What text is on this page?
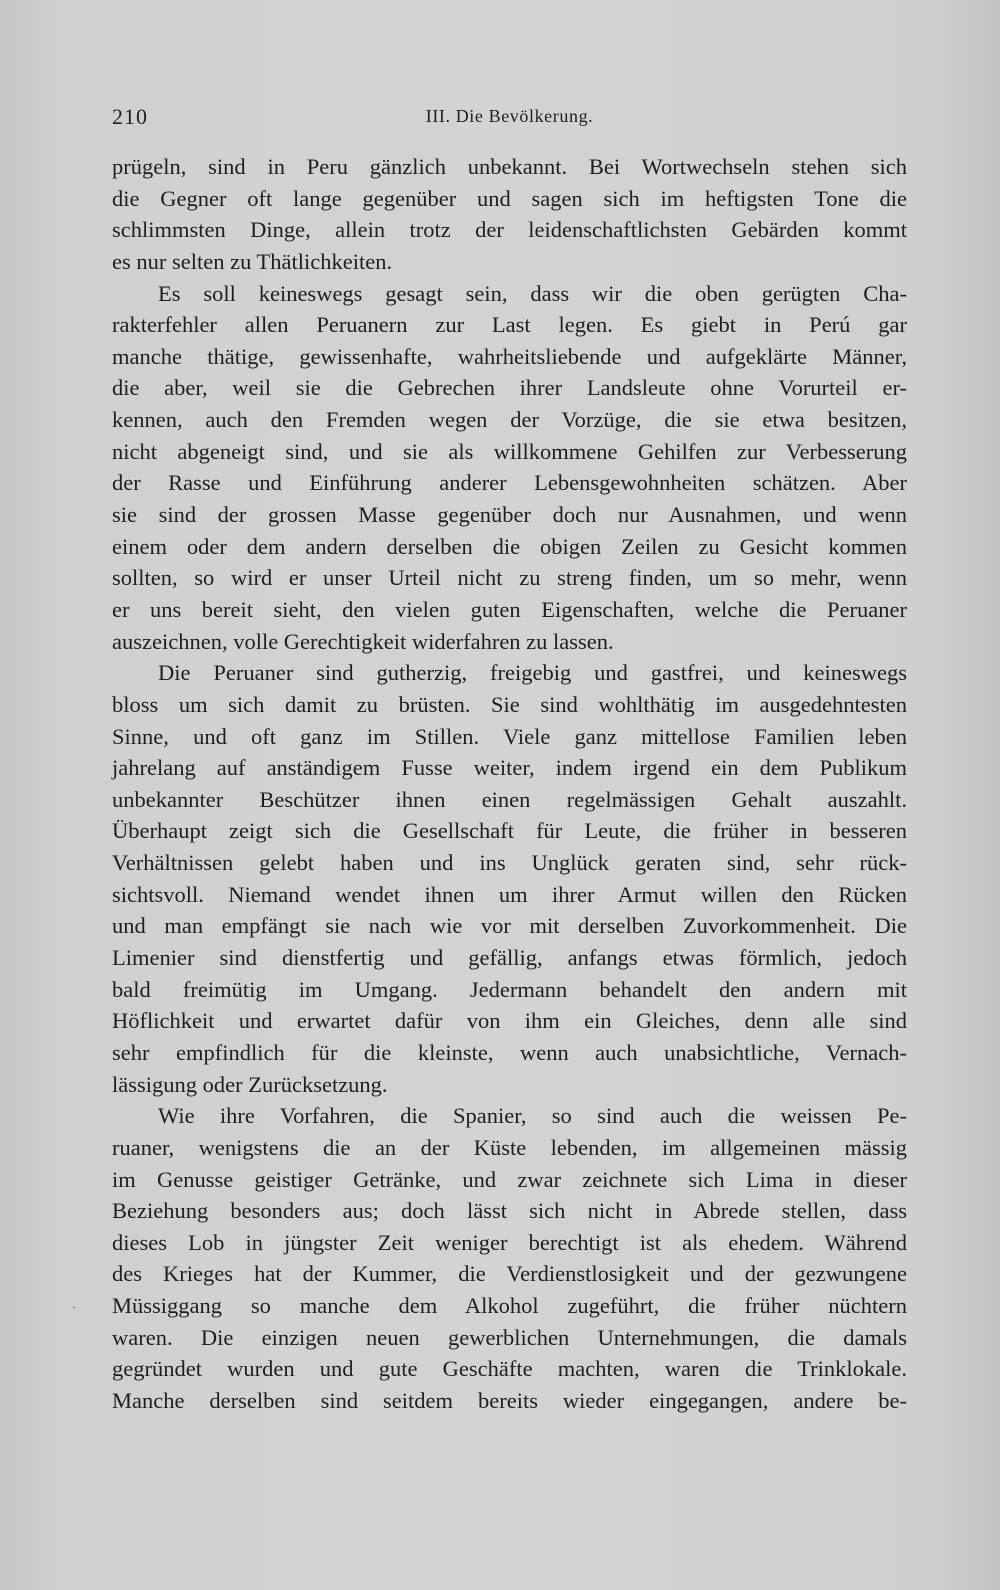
210	III. Die Bevölkerung.
prügeln, sind in Peru gänzlich unbekannt. Bei Wortwechseln stehen sich
die Gegner oft lange gegenüber und sagen sich im heftigsten Tone die
schlimmsten Dinge, allein trotz der leidenschaftlichsten Gebärden kommt
es nur selten zu Thätlichkeiten.
Es soll keineswegs gesagt sein, dass wir die oben gerügten Cha-
rakterfehler allen Peruanern zur Last legen. Es giebt in Perú gar
manche thätige, gewissenhafte, wahrheitsliebende und aufgeklärte Männer,
die aber, weil sie die Gebrechen ihrer Landsleute ohne Vorurteil er-
kennen, auch den Fremden wegen der Vorzüge, die sie etwa besitzen,
nicht abgeneigt sind, und sie als willkommene Gehilfen zur Verbesserung
der Rasse und Einführung anderer Lebensgewohnheiten schätzen. Aber
sie sind der grossen Masse gegenüber doch nur Ausnahmen, und wenn
einem oder dem andern derselben die obigen Zeilen zu Gesicht kommen
sollten, so wird er unser Urteil nicht zu streng finden, um so mehr, wenn
er uns bereit sieht, den vielen guten Eigenschaften, welche die Peruaner
auszeichnen, volle Gerechtigkeit widerfahren zu lassen.
Die Peruaner sind gutherzig, freigebig und gastfrei, und keineswegs
bloss um sich damit zu brüsten. Sie sind wohlthätig im ausgedehntesten
Sinne, und oft ganz im Stillen. Viele ganz mittellose Familien leben
jahrelang auf anständigem Fusse weiter, indem irgend ein dem Publikum
unbekannter Beschützer ihnen einen regelmässigen Gehalt auszahlt.
Überhaupt zeigt sich die Gesellschaft für Leute, die früher in besseren
Verhältnissen gelebt haben und ins Unglück geraten sind, sehr rück-
sichtsvoll. Niemand wendet ihnen um ihrer Armut willen den Rücken
und man empfängt sie nach wie vor mit derselben Zuvorkommenheit. Die
Limenier sind dienstfertig und gefällig, anfangs etwas förmlich, jedoch
bald freimütig im Umgang. Jedermann behandelt den andern mit
Höflichkeit und erwartet dafür von ihm ein Gleiches, denn alle sind
sehr empfindlich für die kleinste, wenn auch unabsichtliche, Vernach-
lässigung oder Zurücksetzung.
Wie ihre Vorfahren, die Spanier, so sind auch die weissen Pe-
ruaner, wenigstens die an der Küste lebenden, im allgemeinen mässig
im Genusse geistiger Getränke, und zwar zeichnete sich Lima in dieser
Beziehung besonders aus; doch lässt sich nicht in Abrede stellen, dass
dieses Lob in jüngster Zeit weniger berechtigt ist als ehedem. Während
des Krieges hat der Kummer, die Verdienstlosigkeit und der gezwungene
Müssiggang so manche dem Alkohol zugeführt, die früher nüchtern
waren. Die einzigen neuen gewerblichen Unternehmungen, die damals
gegründet wurden und gute Geschäfte machten, waren die Trinklokale.
Manche derselben sind seitdem bereits wieder eingegangen, andere be-
·
